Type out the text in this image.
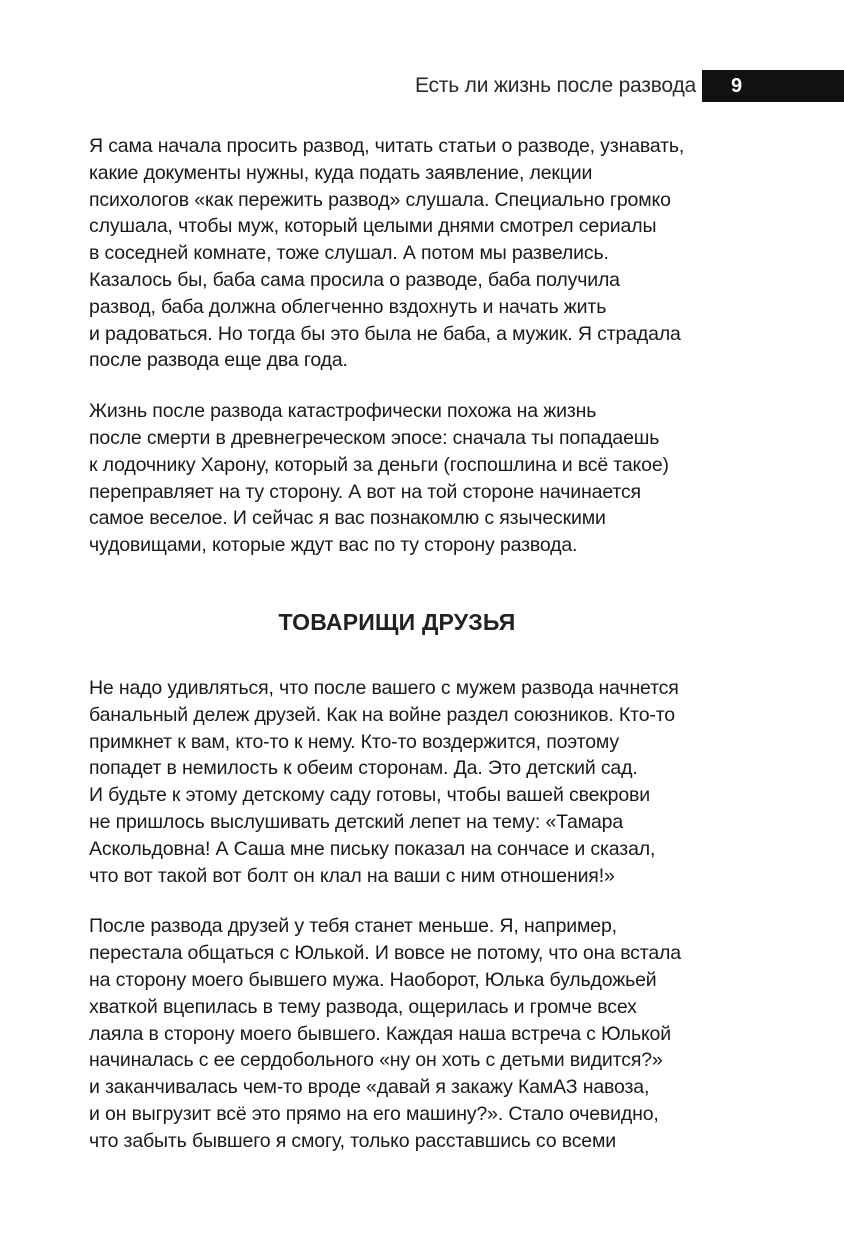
Есть ли жизнь после развода 9

Я сама начала просить развод, читать статьи о разводе, узнавать,
какие документы нужны, куда подать заявление, лекции
психологов «как пережить развод» слушала. Специально громко
слушала, чтобы муж, который целыми днями смотрел сериалы
в соседней комнате, тоже слушал. А потом мы развелись.
Казалось бы, баба сама просила о разводе, баба получила
развод, баба должна облегченно вздохнуть и начать жить
и радоваться. Но тогда бы это была не баба, а мужик. Я страдала
после развода еще два года.

Жизнь после развода катастрофически похожа на жизнь
после смерти в древнегреческом эпосе: сначала ты попадаешь
к лодочнику Харону, который за деньги (госпошлина и всё такое)
переправляет на ту сторону. А вот на той стороне начинается
самое веселое. И сейчас я вас познакомлю с языческими
чудовищами, которые ждут вас по ту сторону развода.

ТОВАРИЩИ ДРУЗЬЯ

Не надо удивляться, что после вашего с мужем развода начнется
банальный дележ друзей. Как на войне раздел союзников. Кто-то
примкнет к вам, кто-то к нему. Кто-то воздержится, поэтому
попадет в немилость к обеим сторонам. Да. Это детский сад.
И будьте к этому детскому саду готовы, чтобы вашей свекрови
не пришлось выслушивать детский лепет на тему: «Тамара
Аскольдовна! А Саша мне письку показал на сончасе и сказал,
что вот такой вот болт он клал на ваши с ним отношения!»

После развода друзей у тебя станет меньше. Я, например,
перестала общаться с Юлькой. И вовсе не потому, что она встала
на сторону моего бывшего мужа. Наоборот, Юлька бульдожьей
хваткой вцепилась в тему развода, ощерилась и громче всех
лаяла в сторону моего бывшего. Каждая наша встреча с Юлькой
начиналась с ее сердобольного «ну он хоть с детьми видится?»
и заканчивалась чем-то вроде «давай я закажу КамАЗ навоза,
и он выгрузит всё это прямо на его машину?». Стало очевидно,
что забыть бывшего я смогу, только расставшись со всеми
